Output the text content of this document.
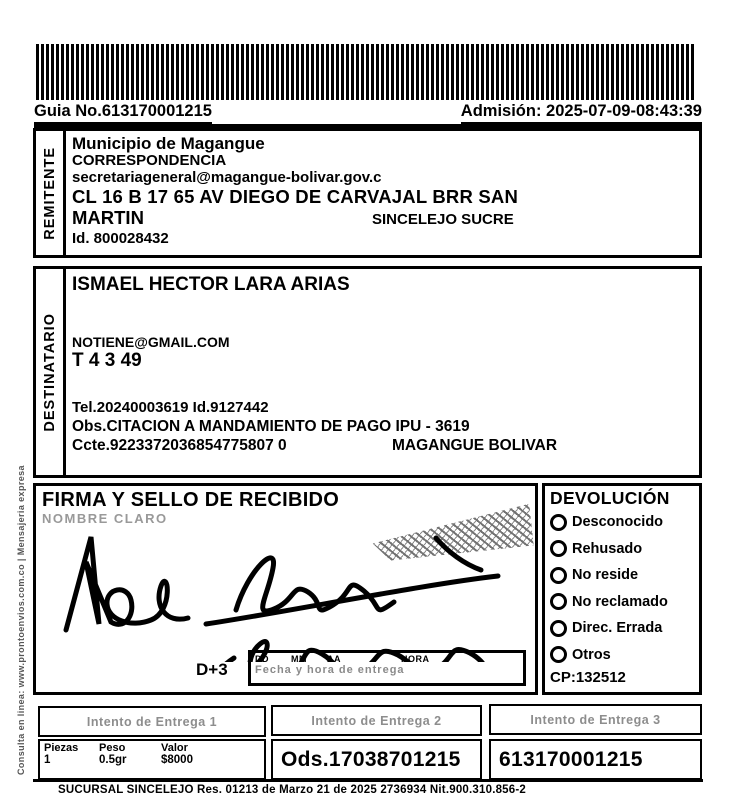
Consulta en linea: www.prontoenvios.com.co | Mensajeria expresa
Guia No.613170001215	Admisión: 2025-07-09-08:43:39
REMITENTE
Municipio de Magangue
CORRESPONDENCIA
secretariageneral@magangue-bolivar.gov.c
CL 16 B 17 65 AV DIEGO DE CARVAJAL BRR SAN
MARTIN	SINCELEJO SUCRE
Id. 800028432
DESTINATARIO
ISMAEL HECTOR LARA ARIAS
NOTIENE@GMAIL.COM
T 4 3 49
Tel.20240003619 Id.9127442
Obs.CITACION A MANDAMIENTO DE PAGO IPU - 3619
Ccte.9223372036854775807 0	MAGANGUE BOLIVAR
FIRMA Y SELLO DE RECIBIDO
NOMBRE CLARO
D+3
DD	MM	AA	HORA
Fecha y hora de entrega
DEVOLUCIÓN
Desconocido
Rehusado
No reside
No reclamado
Direc. Errada
Otros
CP:132512
Intento de Entrega 1	Intento de Entrega 2	Intento de Entrega 3
Piezas	Peso	Valor
1	0.5gr	$8000	Ods.17038701215 613170001215
SUCURSAL SINCELEJO Res. 01213 de Marzo 21 de 2025 2736934 Nit.900.310.856-2
